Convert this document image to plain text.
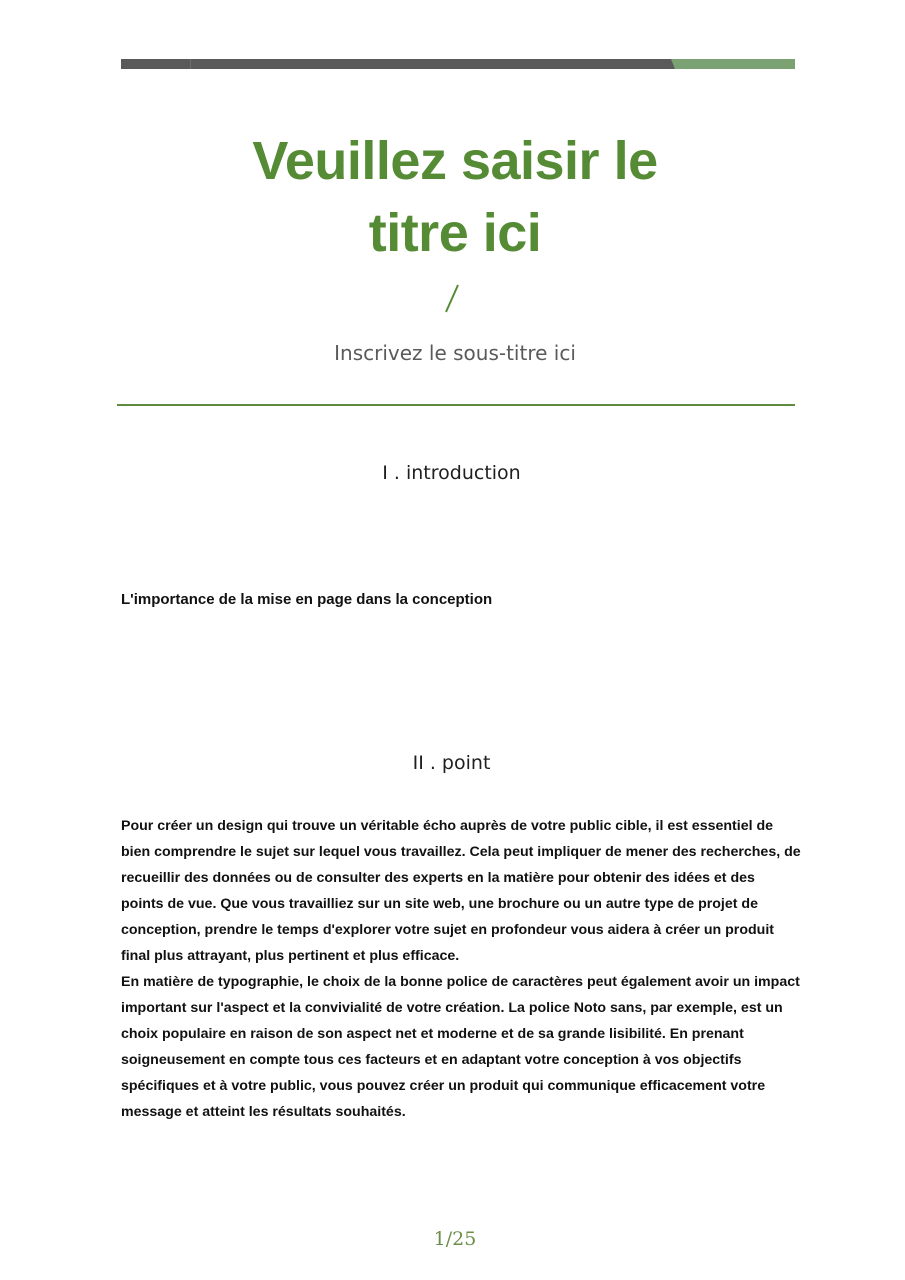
Veuillez saisir le
titre ici
Inscrivez le sous-titre ici
I . introduction
L'importance de la mise en page dans la conception
II . point

Pour créer un design qui trouve un véritable écho auprès de votre public cible, il est essentiel de bien comprendre le sujet sur lequel vous travaillez. Cela peut impliquer de mener des recherches, de recueillir des données ou de consulter des experts en la matière pour obtenir des idées et des points de vue. Que vous travailliez sur un site web, une brochure ou un autre type de projet de conception, prendre le temps d'explorer votre sujet en profondeur vous aidera à créer un produit final plus attrayant, plus pertinent et plus efficace.

En matière de typographie, le choix de la bonne police de caractères peut également avoir un impact important sur l'aspect et la convivialité de votre création. La police Noto sans, par exemple, est un choix populaire en raison de son aspect net et moderne et de sa grande lisibilité. En prenant soigneusement en compte tous ces facteurs et en adaptant votre conception à vos objectifs spécifiques et à votre public, vous pouvez créer un produit qui communique efficacement votre message et atteint les résultats souhaités.

1/25
